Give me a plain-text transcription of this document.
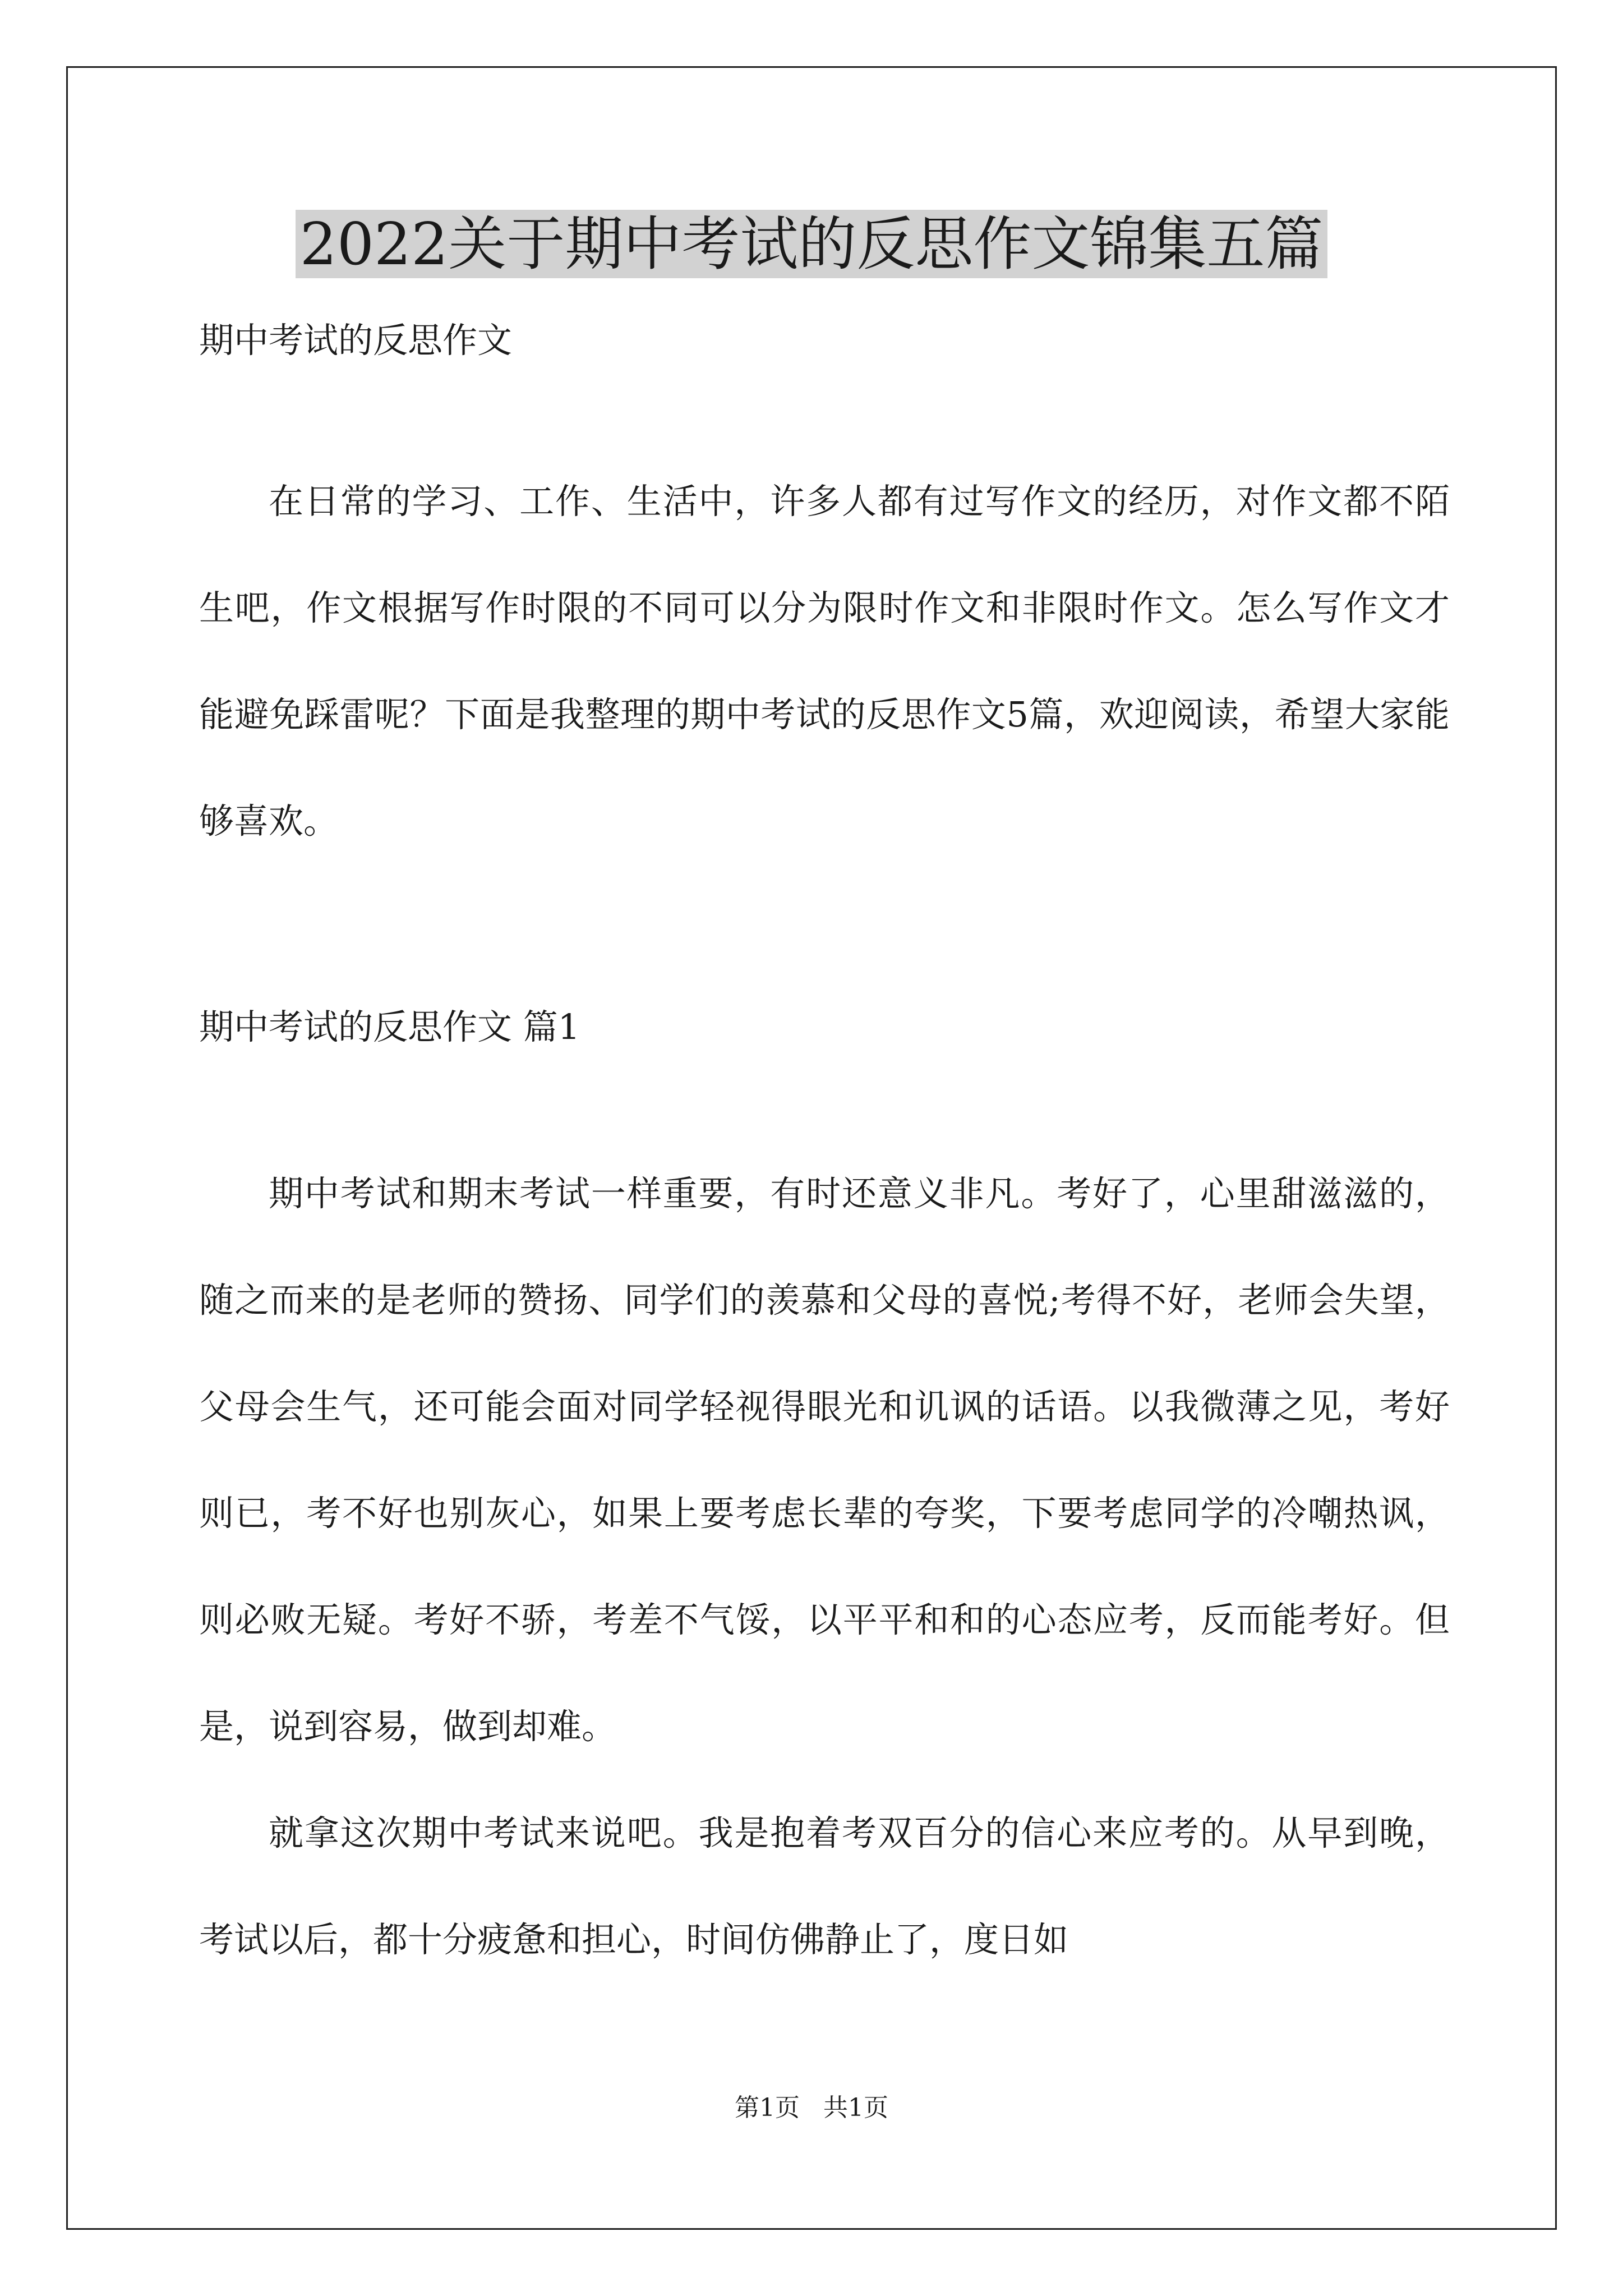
2022关于期中考试的反思作文锦集五篇

期中考试的反思作文

在日常的学习、工作、生活中，许多人都有过写作文的经历，对作文都不陌生吧，作文根据写作时限的不同可以分为限时作文和非限时作文。怎么写作文才能避免踩雷呢？下面是我整理的期中考试的反思作文5篇，欢迎阅读，希望大家能够喜欢。

期中考试的反思作文 篇1

期中考试和期末考试一样重要，有时还意义非凡。考好了，心里甜滋滋的，随之而来的是老师的赞扬、同学们的羡慕和父母的喜悦;考得不好，老师会失望，父母会生气，还可能会面对同学轻视得眼光和讥讽的话语。以我微薄之见，考好则已，考不好也别灰心，如果上要考虑长辈的夸奖，下要考虑同学的冷嘲热讽，则必败无疑。考好不骄，考差不气馁，以平平和和的心态应考，反而能考好。但是，说到容易，做到却难。

就拿这次期中考试来说吧。我是抱着考双百分的信心来应考的。从早到晚，考试以后，都十分疲惫和担心，时间仿佛静止了，度日如

第1页   共1页
